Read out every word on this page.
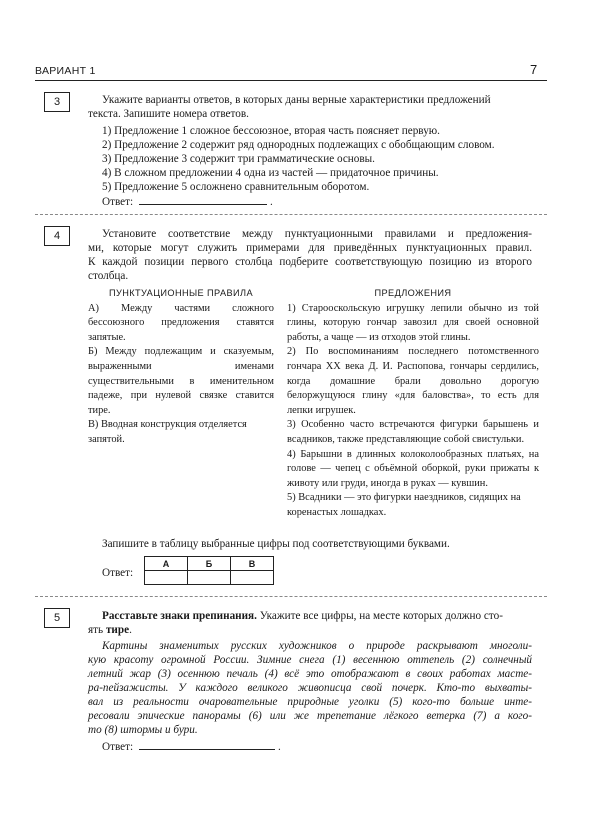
ВАРИАНТ 1	7
3	Укажите варианты ответов, в которых даны верные характеристики предложений
текста. Запишите номера ответов.
1) Предложение 1 сложное бессоюзное, вторая часть поясняет первую.
2) Предложение 2 содержит ряд однородных подлежащих с обобщающим словом.
3) Предложение 3 содержит три грамматические основы.
4) В сложном предложении 4 одна из частей — придаточное причины.
5) Предложение 5 осложнено сравнительным оборотом.
Ответ:	.
4	Установите соответствие между пунктуационными правилами и предложения-
ми, которые могут служить примерами для приведённых пунктуационных правил.
К каждой позиции первого столбца подберите соответствующую позицию из второго
столбца.
ПУНКТУАЦИОННЫЕ ПРАВИЛА

А) Между частями сложного бессоюзного предложения ставятся запятые.

Б) Между подлежащим и сказуемым, выраженными именами существительными в именительном падеже, при нулевой связке ставится тире.

В) Вводная конструкция отделяется запятой.

ПРЕДЛОЖЕНИЯ

1) Старооскольскую игрушку лепили обычно из той глины, которую гончар завозил для своей основной работы, а чаще — из отходов этой глины.

2) По воспоминаниям последнего потомственного гончара XX века Д. И. Распопова, гончары сердились, когда домашние брали довольно дорогую белоржущуюся глину «для баловства», то есть для лепки игрушек.

3) Особенно часто встречаются фигурки барышень и всадников, также представляющие собой свистульки.

4) Барышни в длинных колоколообразных платьях, на голове — чепец с объёмной оборкой, руки прижаты к животу или груди, иногда в руках — кувшин.

5) Всадники — это фигурки наездников, сидящих на коренастых лошадках.

Запишите в таблицу выбранные цифры под соответствующими буквами.
Ответ:
А	Б	В

5	Расставьте знаки препинания. Укажите все цифры, на месте которых должно сто-
ять тире.
Картины знаменитых русских художников о природе раскрывают многоли-
кую красоту огромной России. Зимние снега (1) весеннюю оттепель (2) солнечный
летний жар (3) осеннюю печаль (4) всё это отображают в своих работах масте-
ра-пейзажисты. У каждого великого живописца свой почерк. Кто-то выхваты-
вал из реальности очаровательные природные уголки (5) кого-то больше инте-
ресовали эпические панорамы (6) или же трепетание лёгкого ветерка (7) а кого-
то (8) штормы и бури.
Ответ:	.
